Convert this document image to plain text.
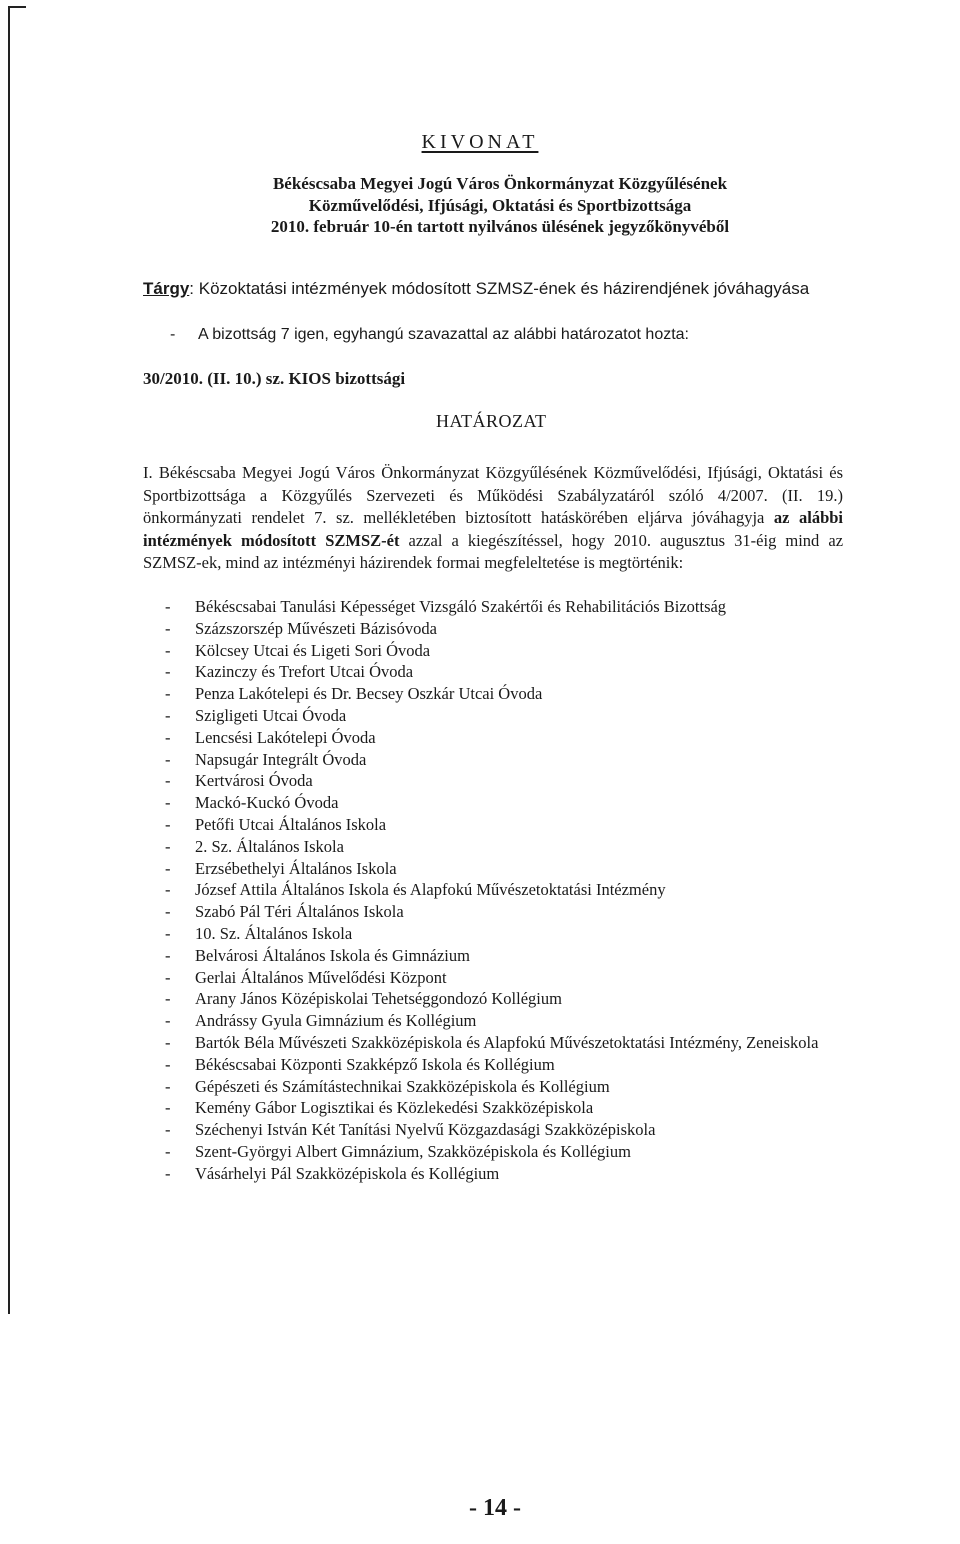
KIVONAT
Békéscsaba Megyei Jogú Város Önkormányzat Közgyűlésének
Közművelődési, Ifjúsági, Oktatási és Sportbizottsága
2010. február 10-én tartott nyilvános ülésének jegyzőkönyvéből
Tárgy: Közoktatási intézmények módosított SZMSZ-ének és házirendjének jóváhagyása
- A bizottság 7 igen, egyhangú szavazattal az alábbi határozatot hozta:
30/2010. (II. 10.) sz. KIOS bizottsági
HATÁROZAT
I. Békéscsaba Megyei Jogú Város Önkormányzat Közgyűlésének Közművelődési, Ifjúsági, Oktatási és Sportbizottsága a Közgyűlés Szervezeti és Működési Szabályzatáról szóló 4/2007. (II. 19.) önkormányzati rendelet 7. sz. mellékletében biztosított hatáskörében eljárva jóváhagyja az alábbi intézmények módosított SZMSZ-ét azzal a kiegészítéssel, hogy 2010. augusztus 31-éig mind az SZMSZ-ek, mind az intézményi házirendek formai megfeleltetése is megtörténik:
- Békéscsabai Tanulási Képességet Vizsgáló Szakértői és Rehabilitációs Bizottság
- Százszorszép Művészeti Bázisóvoda
- Kölcsey Utcai és Ligeti Sori Óvoda
- Kazinczy és Trefort Utcai Óvoda
- Penza Lakótelepi és Dr. Becsey Oszkár Utcai Óvoda
- Szigligeti Utcai Óvoda
- Lencsési Lakótelepi Óvoda
- Napsugár Integrált Óvoda
- Kertvárosi Óvoda
- Mackó-Kuckó Óvoda
- Petőfi Utcai Általános Iskola
- 2. Sz. Általános Iskola
- Erzsébethelyi Általános Iskola
- József Attila Általános Iskola és Alapfokú Művészetoktatási Intézmény
- Szabó Pál Téri Általános Iskola
- 10. Sz. Általános Iskola
- Belvárosi Általános Iskola és Gimnázium
- Gerlai Általános Művelődési Központ
- Arany János Középiskolai Tehetséggondozó Kollégium
- Andrássy Gyula Gimnázium és Kollégium
- Bartók Béla Művészeti Szakközépiskola és Alapfokú Művészetoktatási Intézmény, Zeneiskola
- Békéscsabai Központi Szakképző Iskola és Kollégium
- Gépészeti és Számítástechnikai Szakközépiskola és Kollégium
- Kemény Gábor Logisztikai és Közlekedési Szakközépiskola
- Széchenyi István Két Tanítási Nyelvű Közgazdasági Szakközépiskola
- Szent-Györgyi Albert Gimnázium, Szakközépiskola és Kollégium
- Vásárhelyi Pál Szakközépiskola és Kollégium
- 14 -
